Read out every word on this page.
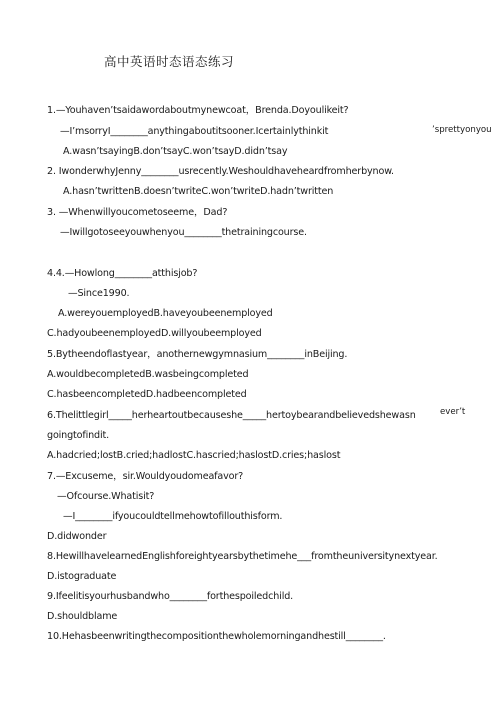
高中英语时态语态练习
1.—Youhaven’tsaidawordaboutmynewcoat，Brenda.Doyoulikeit?
—I’msorryI________anythingaboutitsooner.Icertainlythinkit
A.wasn’tsayingB.don’tsayC.won’tsayD.didn’tsay
2. IwonderwhyJenny________usrecently.Weshouldhaveheardfromherbynow.
A.hasn’twrittenB.doesn’twriteC.won’twriteD.hadn’twritten
3. —Whenwillyoucometoseeme，Dad?
—Iwillgotoseeyouwhenyou________thetrainingcourse.
4.4.—Howlong________atthisjob?
—Since1990.
A.wereyouemployedB.haveyoubeenemployed
C.hadyoubeenemployedD.willyoubeemployed
5.Bytheendoflastyear，anothernewgymnasium________inBeijing.
A.wouldbecompletedB.wasbeingcompleted
C.hasbeencompletedD.hadbeencompleted
6.Thelittlegirl_____herheartoutbecauseshe_____hertoybearandbelievedshewasn
goingtofindit.
A.hadcried;lostB.cried;hadlostC.hascried;haslostD.cries;haslost
7.—Excuseme，sir.Wouldyoudomeafavor?
—Ofcourse.Whatisit?
—I________ifyoucouldtellmehowtofillouthisform.
D.didwonder
8.HewillhavelearnedEnglishforeightyearsbythetimehe___fromtheuniversitynextyear.
D.istograduate
9.Ifeelitisyourhusbandwho________forthespoiledchild.
D.shouldblame
10.Hehasbeenwritingthecompositionthewholemorningandhestill________.
’sprettyonyou
ever’t
